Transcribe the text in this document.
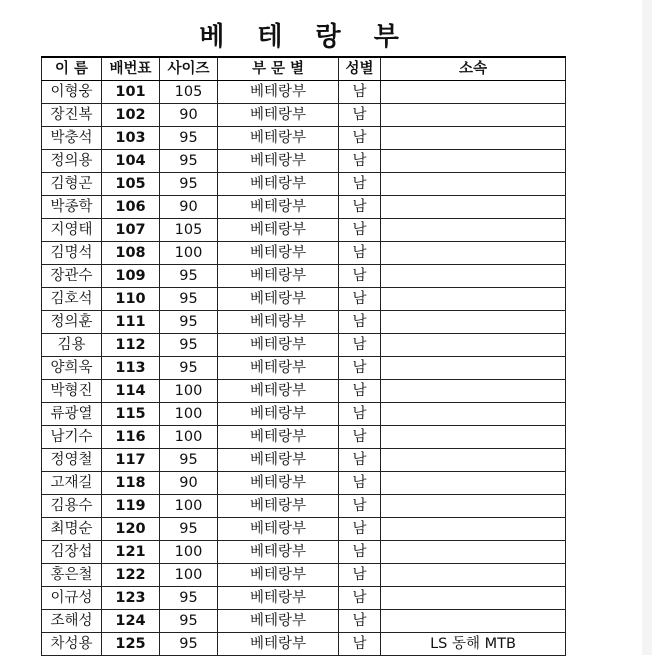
베 테 랑 부
이 름	배번표	사이즈	부 문 별	성별	소속
이형웅	101	105	베테랑부	남	
장진복	102	90	베테랑부	남	
박충석	103	95	베테랑부	남	
정의용	104	95	베테랑부	남	
김형곤	105	95	베테랑부	남	
박종학	106	90	베테랑부	남	
지영태	107	105	베테랑부	남	
김명석	108	100	베테랑부	남	
장관수	109	95	베테랑부	남	
김호석	110	95	베테랑부	남	
정의훈	111	95	베테랑부	남	
김용	112	95	베테랑부	남	
양희욱	113	95	베테랑부	남	
박형진	114	100	베테랑부	남	
류광열	115	100	베테랑부	남	
남기수	116	100	베테랑부	남	
정영철	117	95	베테랑부	남	
고재길	118	90	베테랑부	남	
김용수	119	100	베테랑부	남	
최명순	120	95	베테랑부	남	
김장섭	121	100	베테랑부	남	
홍은철	122	100	베테랑부	남	
이규성	123	95	베테랑부	남	
조해성	124	95	베테랑부	남	
차성용	125	95	베테랑부	남	LS 동해 MTB
